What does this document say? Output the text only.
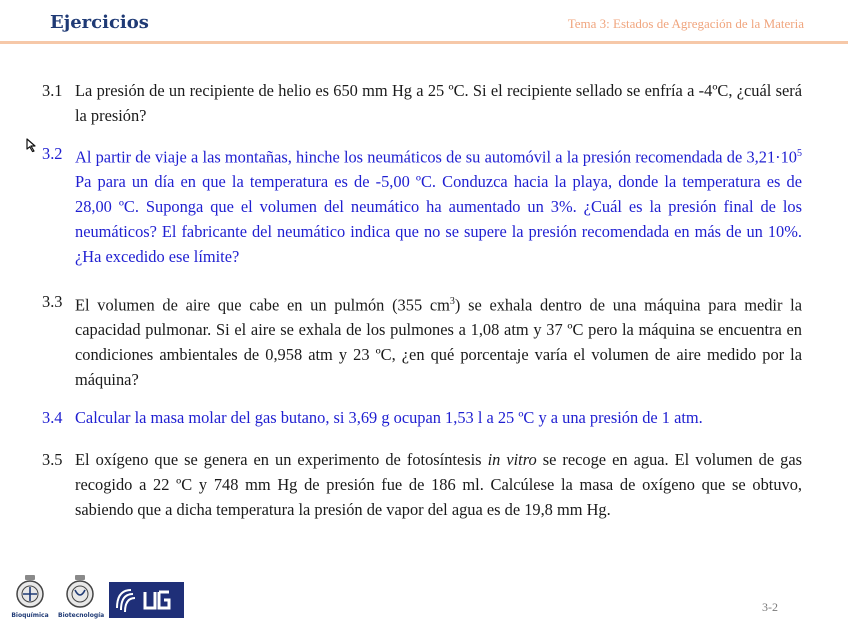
Ejercicios	Tema 3: Estados de Agregación de la Materia
3.1 La presión de un recipiente de helio es 650 mm Hg a 25 ºC. Si el recipiente sellado se enfría a -4ºC, ¿cuál será la presión?
3.2 Al partir de viaje a las montañas, hinche los neumáticos de su automóvil a la presión recomendada de $3,21\cdot 10^5$ Pa para un día en que la temperatura es de -5,00 ºC. Conduzca hacia la playa, donde la temperatura es de 28,00 ºC. Suponga que el volumen del neumático ha aumentado un 3%. ¿Cuál es la presión final de los neumáticos? El fabricante del neumático indica que no se supere la presión recomendada en más de un 10%. ¿Ha excedido ese límite?
3.3 El volumen de aire que cabe en un pulmón (355 $cm^3$) se exhala dentro de una máquina para medir la capacidad pulmonar. Si el aire se exhala de los pulmones a 1,08 atm y 37 ºC pero la máquina se encuentra en condiciones ambientales de 0,958 atm y 23 ºC, ¿en qué porcentaje varía el volumen de aire medido por la máquina?
3.4 Calcular la masa molar del gas butano, si 3,69 g ocupan 1,53 l a 25 ºC y a una presión de 1 atm.
3.5 El oxígeno que se genera en un experimento de fotosíntesis in vitro se recoge en agua. El volumen de gas recogido a 22 ºC y 748 mm Hg de presión fue de 186 ml. Calcúlese la masa de oxígeno que se obtuvo, sabiendo que a dicha temperatura la presión de vapor del agua es de 19,8 mm Hg.
Bioquímica	Biotecnología
3-2
